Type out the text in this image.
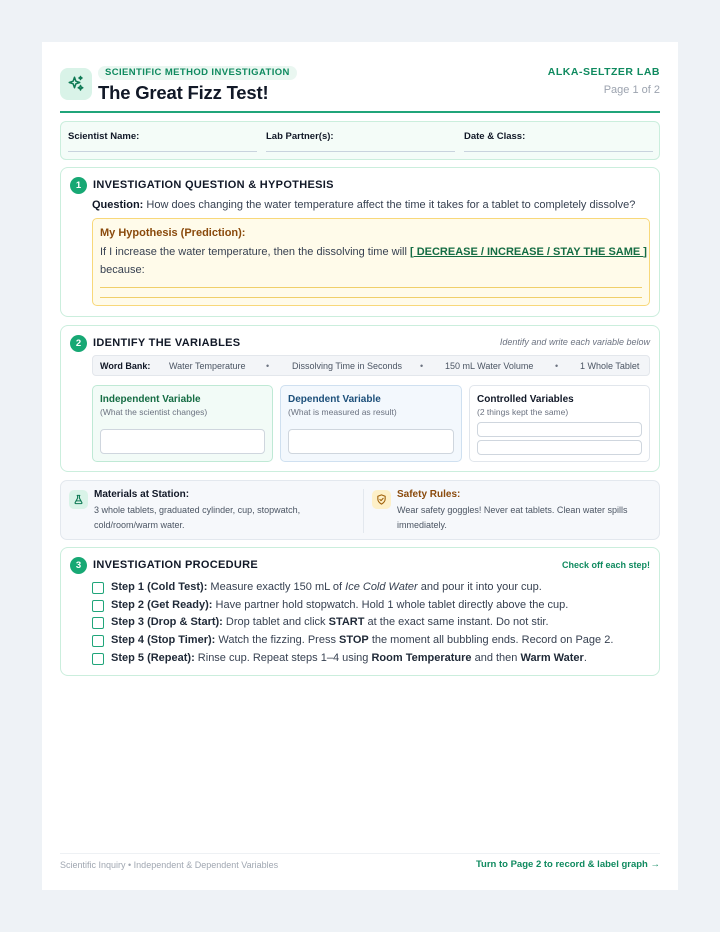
SCIENTIFIC METHOD INVESTIGATION
The Great Fizz Test!
ALKA-SELTZER LAB
Page 1 of 2
Scientist Name:	Lab Partner(s):	Date & Class:
1	INVESTIGATION QUESTION & HYPOTHESIS
Question: How does changing the water temperature affect the time it takes for a tablet to completely dissolve?
My Hypothesis (Prediction):
If I increase the water temperature, then the dissolving time will [ DECREASE / INCREASE / STAY THE SAME ]
because:
2	IDENTIFY THE VARIABLES	Identify and write each variable below
Word Bank: Water Temperature •	Dissolving Time in Seconds • 150 mL Water Volume • 1 Whole Tablet
Independent Variable
(What the scientist changes)
Dependent Variable
(What is measured as result)
Controlled Variables
(2 things kept the same)
Materials at Station:
3 whole tablets, graduated cylinder, cup, stopwatch, cold/room/warm water.
Safety Rules:
Wear safety goggles! Never eat tablets. Clean water spills immediately.
3	INVESTIGATION PROCEDURE	Check off each step!
Step 1 (Cold Test): Measure exactly 150 mL of Ice Cold Water and pour it into your cup.
Step 2 (Get Ready): Have partner hold stopwatch. Hold 1 whole tablet directly above the cup.
Step 3 (Drop & Start): Drop tablet and click START at the exact same instant. Do not stir.
Step 4 (Stop Timer): Watch the fizzing. Press STOP the moment all bubbling ends. Record on Page 2.
Step 5 (Repeat): Rinse cup. Repeat steps 1–4 using Room Temperature and then Warm Water.
Scientific Inquiry • Independent & Dependent Variables	Turn to Page 2 to record & label graph →
